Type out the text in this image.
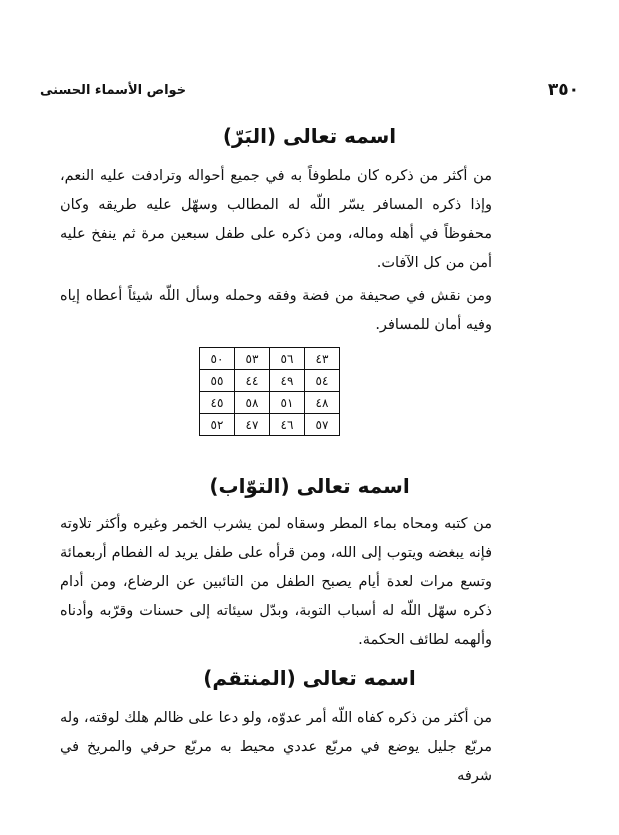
خواص الأسماء الحسنى	٣٥٠
اسمه تعالى (البَرّ)

من أكثر من ذكره كان ملطوفاً به في جميع أحواله وترادفت عليه النعم، وإذا ذكره المسافر يسّر اللّه له المطالب وسهّل عليه طريقه وكان محفوظاً في أهله وماله، ومن ذكره على طفل سبعين مرة ثم ينفخ عليه أمن من كل الآفات.

ومن نقش في صحيفة من فضة وفقه وحمله وسأل اللّه شيئاً أعطاه إياه وفيه أمان للمسافر.

٤٣	٥٦	٥٣	٥٠
٥٤	٤٩	٤٤	٥٥
٤٨	٥١	٥٨	٤٥
٥٧	٤٦	٤٧	٥٢
اسمه تعالى (التوّاب)

من كتبه ومحاه بماء المطر وسقاه لمن يشرب الخمر وغيره وأكثر تلاوته فإنه يبغضه ويتوب إلى الله، ومن قرأه على طفل يريد له الفطام أربعمائة وتسع مرات لعدة أيام يصبح الطفل من التائبين عن الرضاع، ومن أدام ذكره سهّل اللّه له أسباب التوبة، وبدّل سيئاته إلى حسنات وقرّبه وأدناه وألهمه لطائف الحكمة.

اسمه تعالى (المنتقم)

من أكثر من ذكره كفاه اللّه أمر عدوّه، ولو دعا على ظالم هلك لوقته، وله مربّع جليل يوضع في مربّع عددي محيط به مربّع حرفي والمريخ في شرفه
